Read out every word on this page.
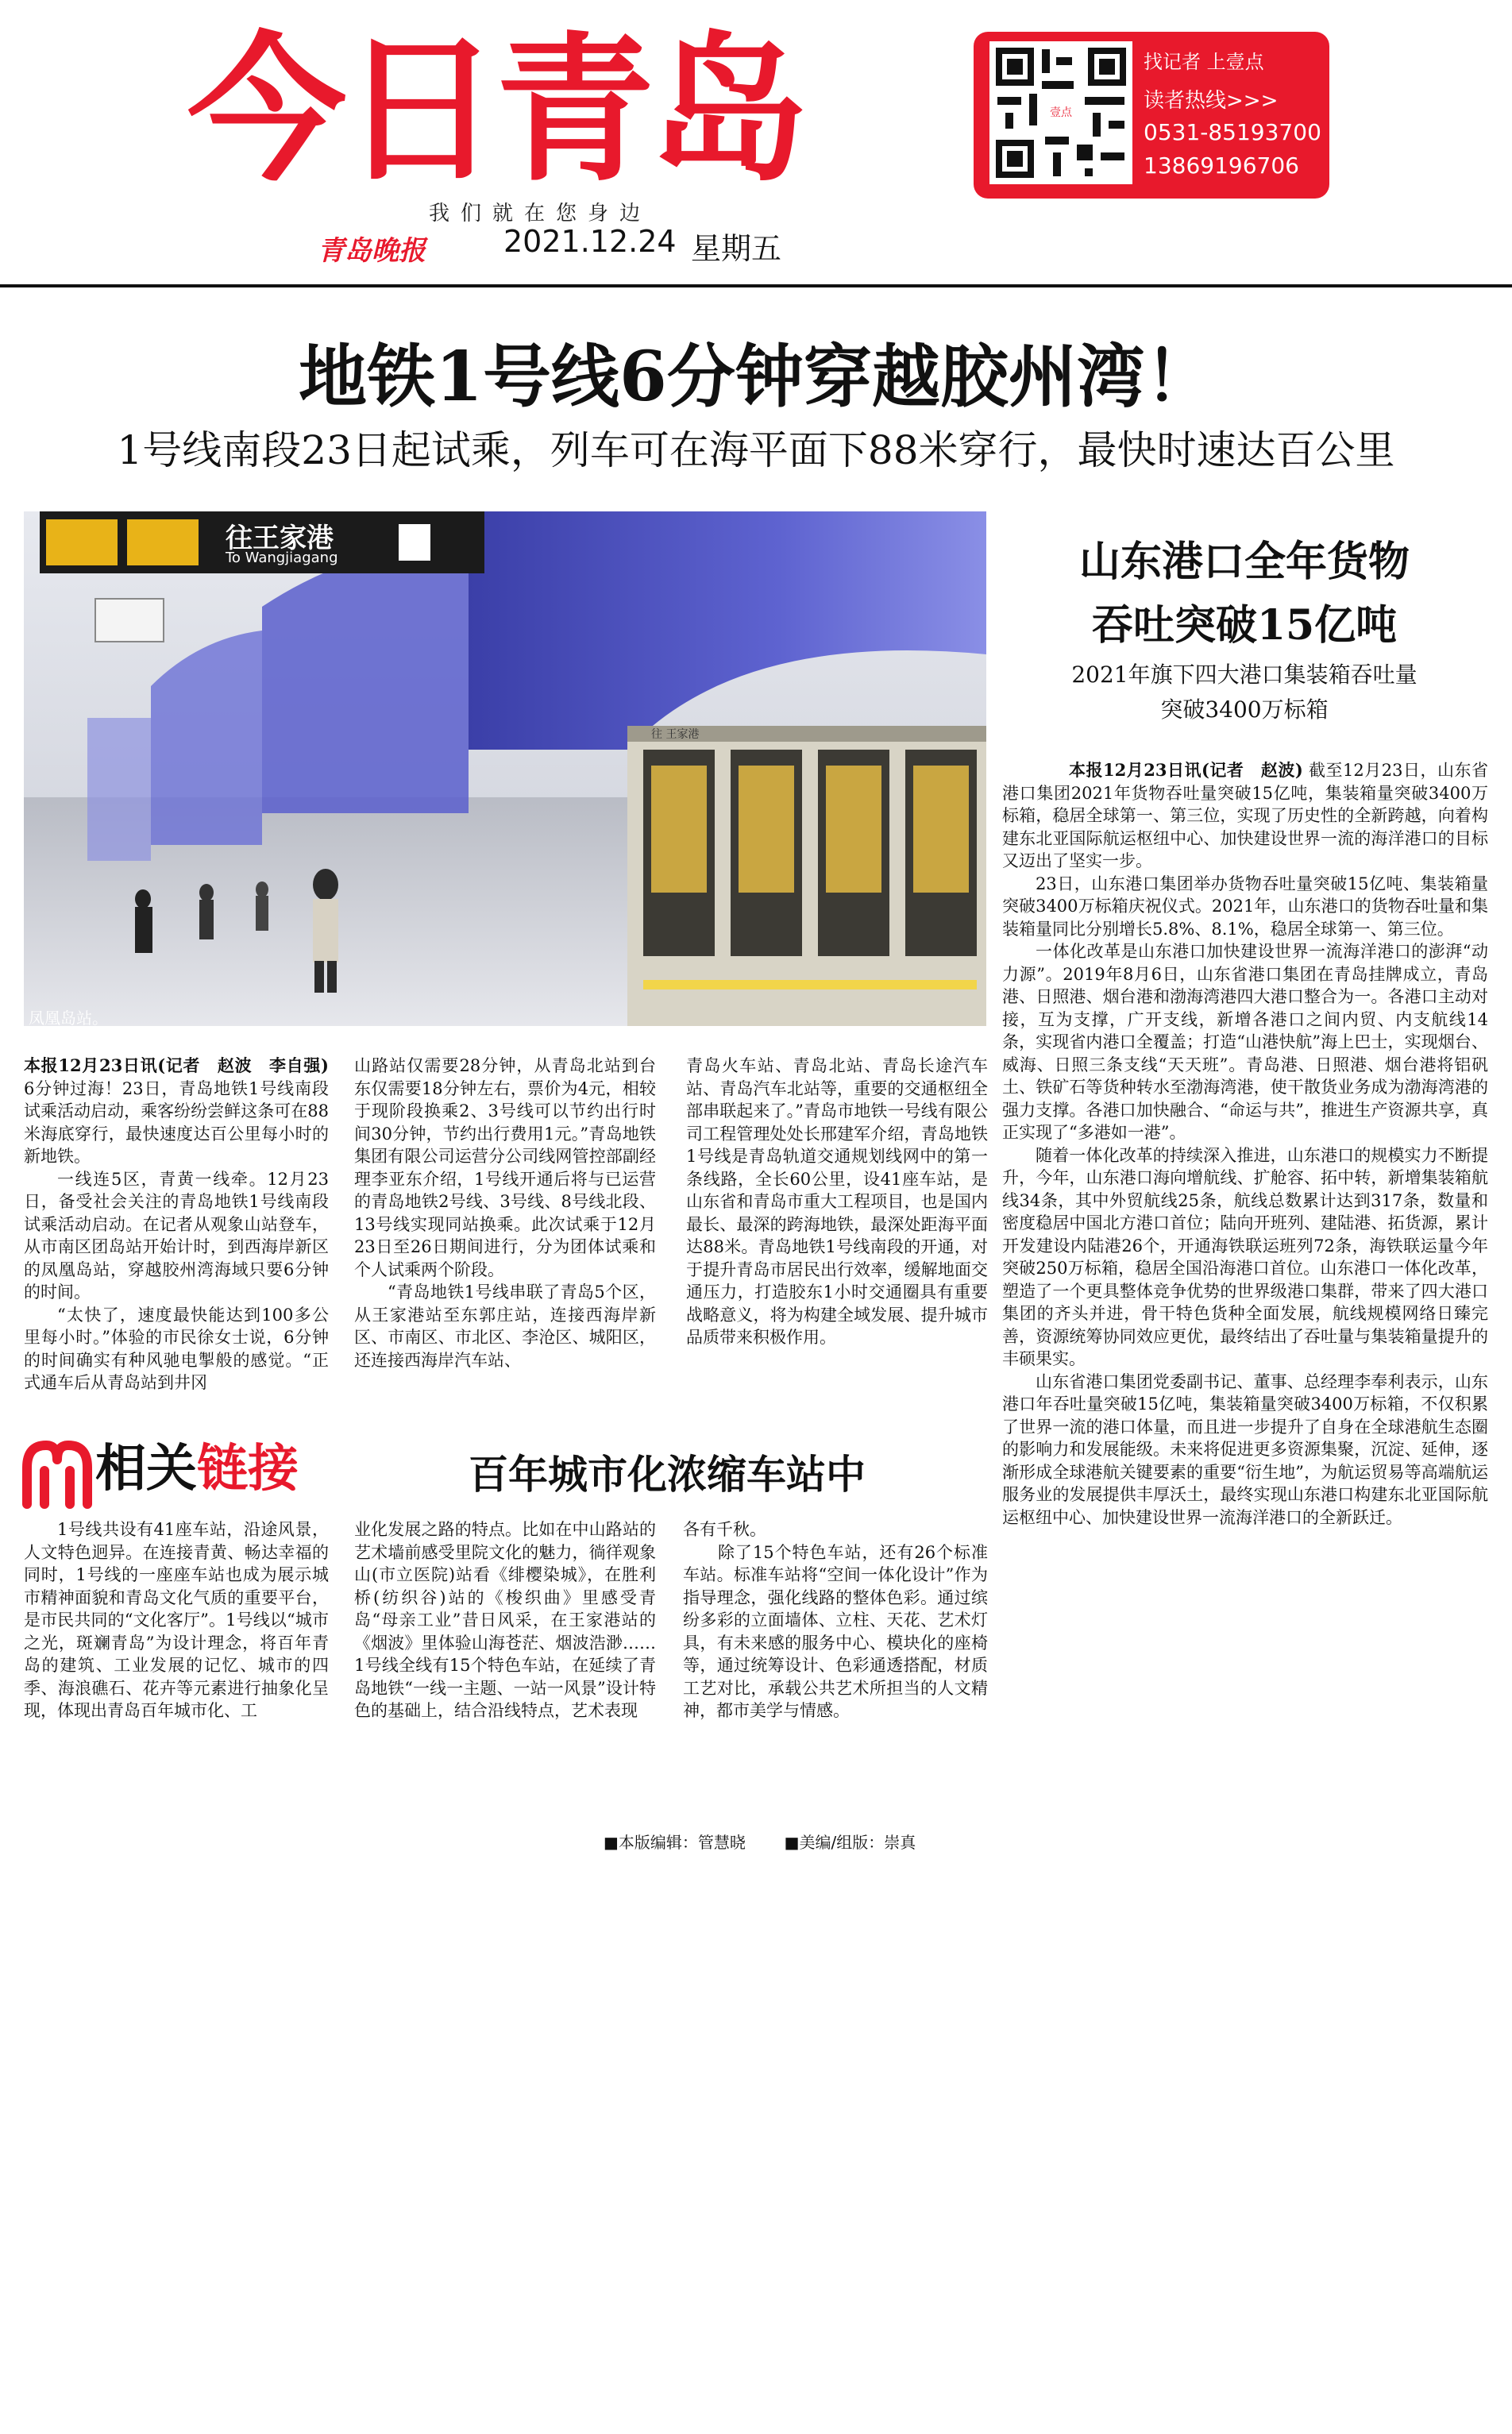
今日青岛
我们就在您身边
青岛晚报	2021.12.24 星期五
壹点
找记者 上壹点
读者热线>>>
0531-85193700
13869196706
地铁1号线6分钟穿越胶州湾！
1号线南段23日起试乘，列车可在海平面下88米穿行，最快时速达百公里
往王家港
To Wangjiagang
往 王家港
凤凰岛站。
本报12月23日讯(记者　赵波　李自强) 6分钟过海！23日，青岛地铁1号线南段试乘活动启动，乘客纷纷尝鲜这条可在88米海底穿行，最快速度达百公里每小时的新地铁。
一线连5区，青黄一线牵。12月23日，备受社会关注的青岛地铁1号线南段试乘活动启动。在记者从观象山站登车，从市南区团岛站开始计时，到西海岸新区的凤凰岛站，穿越胶州湾海域只要6分钟的时间。
“太快了，速度最快能达到100多公里每小时。”体验的市民徐女士说，6分钟的时间确实有种风驰电掣般的感觉。“正式通车后从青岛站到井冈
山路站仅需要28分钟，从青岛北站到台东仅需要18分钟左右，票价为4元，相较于现阶段换乘2、3号线可以节约出行时间30分钟，节约出行费用1元。”青岛地铁集团有限公司运营分公司线网管控部副经理李亚东介绍，1号线开通后将与已运营的青岛地铁2号线、3号线、8号线北段、13号线实现同站换乘。此次试乘于12月23日至26日期间进行，分为团体试乘和个人试乘两个阶段。
“青岛地铁1号线串联了青岛5个区，从王家港站至东郭庄站，连接西海岸新区、市南区、市北区、李沧区、城阳区，还连接西海岸汽车站、
青岛火车站、青岛北站、青岛长途汽车站、青岛汽车北站等，重要的交通枢纽全部串联起来了。”青岛市地铁一号线有限公司工程管理处处长邢建军介绍，青岛地铁1号线是青岛轨道交通规划线网中的第一条线路，全长60公里，设41座车站，是山东省和青岛市重大工程项目，也是国内最长、最深的跨海地铁，最深处距海平面达88米。青岛地铁1号线南段的开通，对于提升青岛市居民出行效率，缓解地面交通压力，打造胶东1小时交通圈具有重要战略意义，将为构建全域发展、提升城市品质带来积极作用。
山东港口全年货物
吞吐突破15亿吨
2021年旗下四大港口集装箱吞吐量
突破3400万标箱
本报12月23日讯(记者　赵波) 截至12月23日，山东省港口集团2021年货物吞吐量突破15亿吨，集装箱量突破3400万标箱，稳居全球第一、第三位，实现了历史性的全新跨越，向着构建东北亚国际航运枢纽中心、加快建设世界一流的海洋港口的目标又迈出了坚实一步。
23日，山东港口集团举办货物吞吐量突破15亿吨、集装箱量突破3400万标箱庆祝仪式。2021年，山东港口的货物吞吐量和集装箱量同比分别增长5.8%、8.1%，稳居全球第一、第三位。
一体化改革是山东港口加快建设世界一流海洋港口的澎湃“动力源”。2019年8月6日，山东省港口集团在青岛挂牌成立，青岛港、日照港、烟台港和渤海湾港四大港口整合为一。各港口主动对接，互为支撑，广开支线，新增各港口之间内贸、内支航线14条，实现省内港口全覆盖；打造“山港快航”海上巴士，实现烟台、威海、日照三条支线“天天班”。青岛港、日照港、烟台港将铝矾土、铁矿石等货种转水至渤海湾港，使干散货业务成为渤海湾港的强力支撑。各港口加快融合、“命运与共”，推进生产资源共享，真正实现了“多港如一港”。
随着一体化改革的持续深入推进，山东港口的规模实力不断提升，今年，山东港口海向增航线、扩舱容、拓中转，新增集装箱航线34条，其中外贸航线25条，航线总数累计达到317条，数量和密度稳居中国北方港口首位；陆向开班列、建陆港、拓货源，累计开发建设内陆港26个，开通海铁联运班列72条，海铁联运量今年突破250万标箱，稳居全国沿海港口首位。山东港口一体化改革，塑造了一个更具整体竞争优势的世界级港口集群，带来了四大港口集团的齐头并进，骨干特色货种全面发展，航线规模网络日臻完善，资源统筹协同效应更优，最终结出了吞吐量与集装箱量提升的丰硕果实。
山东省港口集团党委副书记、董事、总经理李奉利表示，山东港口年吞吐量突破15亿吨，集装箱量突破3400万标箱，不仅积累了世界一流的港口体量，而且进一步提升了自身在全球港航生态圈的影响力和发展能级。未来将促进更多资源集聚，沉淀、延伸，逐渐形成全球港航关键要素的重要“衍生地”，为航运贸易等高端航运服务业的发展提供丰厚沃土，最终实现山东港口构建东北亚国际航运枢纽中心、加快建设世界一流海洋港口的全新跃迁。
相关链接	百年城市化浓缩车站中
1号线共设有41座车站，沿途风景，人文特色迥异。在连接青黄、畅达幸福的同时，1号线的一座座车站也成为展示城市精神面貌和青岛文化气质的重要平台，是市民共同的“文化客厅”。1号线以“城市之光，斑斓青岛”为设计理念，将百年青岛的建筑、工业发展的记忆、城市的四季、海浪礁石、花卉等元素进行抽象化呈现，体现出青岛百年城市化、工
业化发展之路的特点。比如在中山路站的艺术墙前感受里院文化的魅力，徜徉观象山(市立医院)站看《绯樱染城》，在胜利桥(纺织谷)站的《梭织曲》里感受青岛“母亲工业”昔日风采，在王家港站的《烟波》里体验山海苍茫、烟波浩渺……1号线全线有15个特色车站，在延续了青岛地铁“一线一主题、一站一风景”设计特色的基础上，结合沿线特点，艺术表现
各有千秋。
　　除了15个特色车站，还有26个标准车站。标准车站将“空间一体化设计”作为指导理念，强化线路的整体色彩。通过缤纷多彩的立面墙体、立柱、天花、艺术灯具，有未来感的服务中心、模块化的座椅等，通过统筹设计、色彩通透搭配，材质工艺对比，承载公共艺术所担当的人文精神，都市美学与情感。
■本版编辑：管慧晓 ■美编/组版：崇真
